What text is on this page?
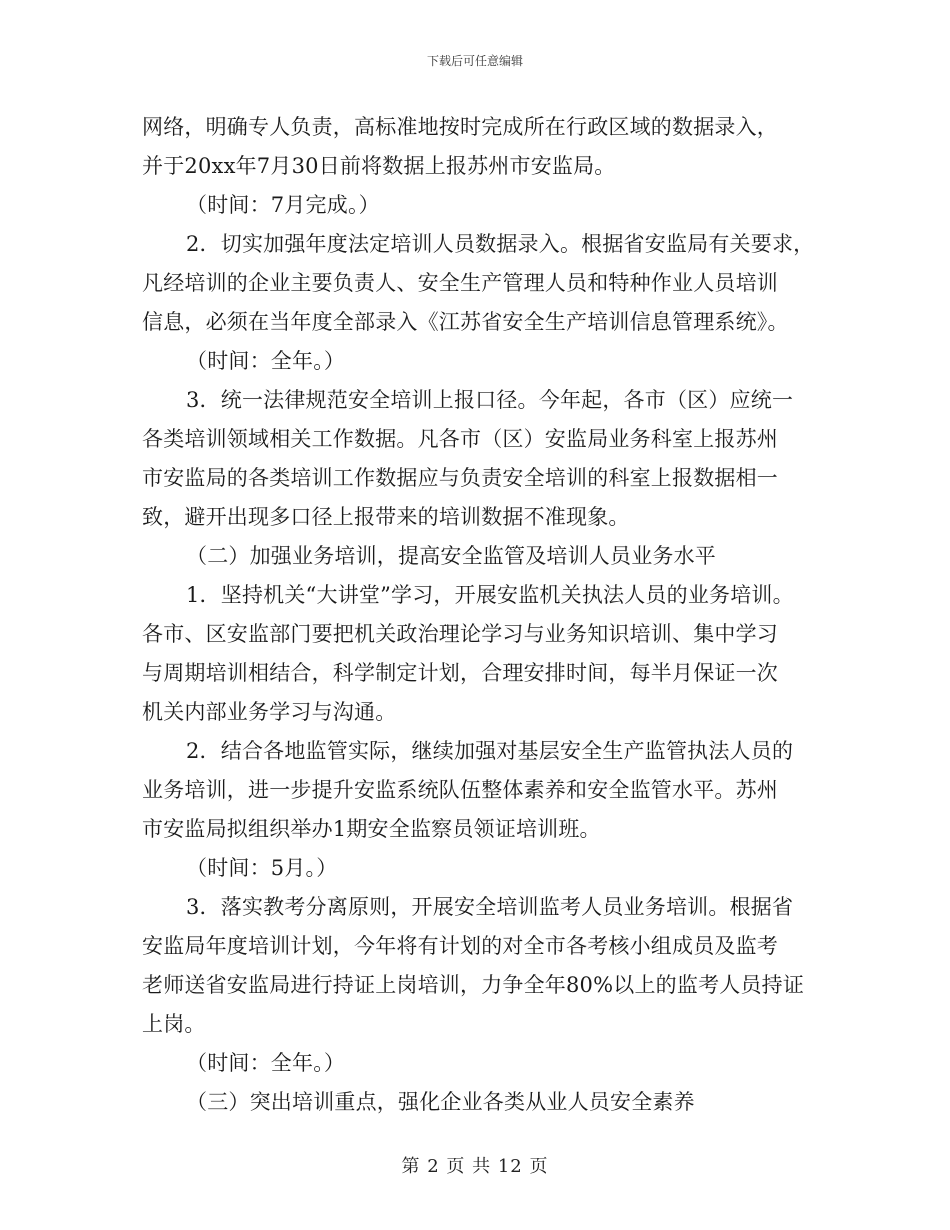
下载后可任意编辑
网络，明确专人负责，高标准地按时完成所在行政区域的数据录入，
并于20xx年7月30日前将数据上报苏州市安监局。
（时间：7月完成。）
2．切实加强年度法定培训人员数据录入。根据省安监局有关要求，
凡经培训的企业主要负责人、安全生产管理人员和特种作业人员培训
信息，必须在当年度全部录入《江苏省安全生产培训信息管理系统》。
（时间：全年。）
3．统一法律规范安全培训上报口径。今年起，各市（区）应统一
各类培训领域相关工作数据。凡各市（区）安监局业务科室上报苏州
市安监局的各类培训工作数据应与负责安全培训的科室上报数据相一
致，避开出现多口径上报带来的培训数据不准现象。
（二）加强业务培训，提高安全监管及培训人员业务水平
1．坚持机关“大讲堂”学习，开展安监机关执法人员的业务培训。
各市、区安监部门要把机关政治理论学习与业务知识培训、集中学习
与周期培训相结合，科学制定计划，合理安排时间，每半月保证一次
机关内部业务学习与沟通。
2．结合各地监管实际，继续加强对基层安全生产监管执法人员的
业务培训，进一步提升安监系统队伍整体素养和安全监管水平。苏州
市安监局拟组织举办1期安全监察员领证培训班。
（时间：5月。）
3．落实教考分离原则，开展安全培训监考人员业务培训。根据省
安监局年度培训计划，今年将有计划的对全市各考核小组成员及监考
老师送省安监局进行持证上岗培训，力争全年80%以上的监考人员持证
上岗。
（时间：全年。）
（三）突出培训重点，强化企业各类从业人员安全素养
第 2 页 共 12 页
